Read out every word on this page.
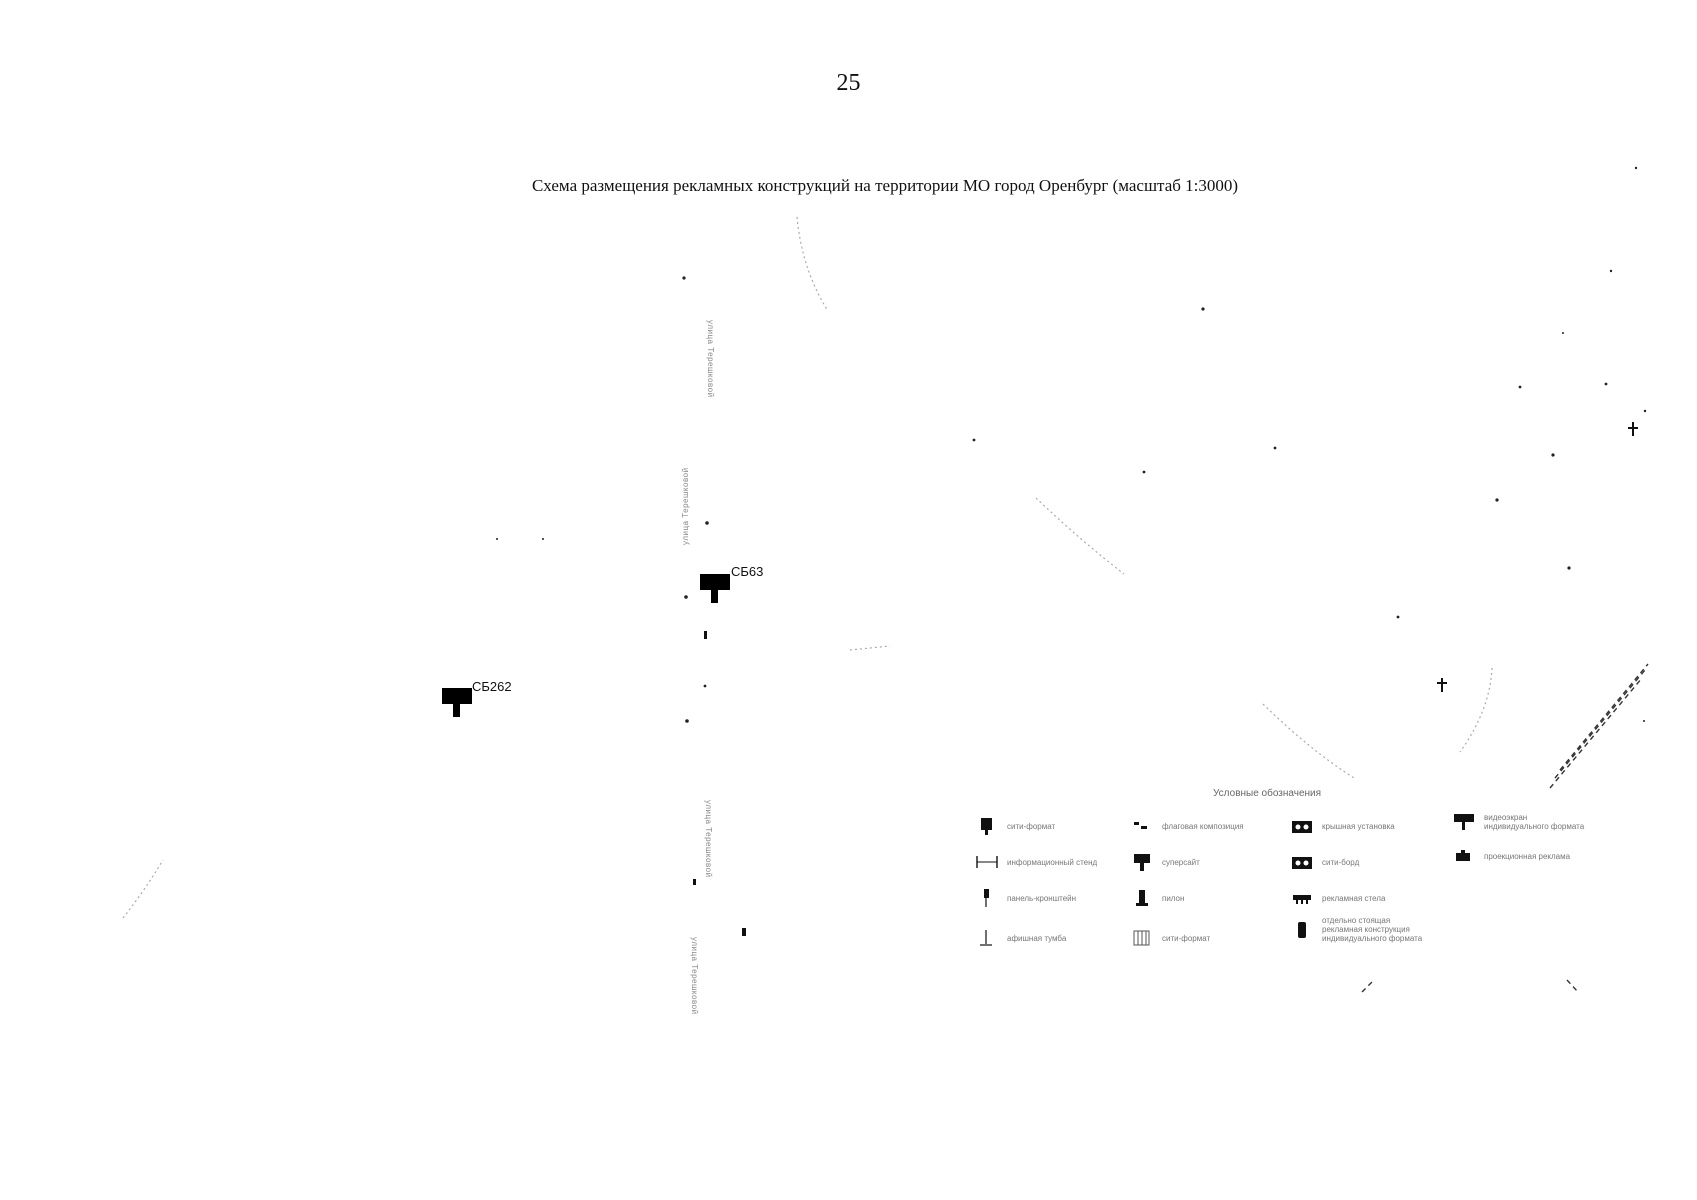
25
Схема размещения рекламных конструкций на территории МО город Оренбург (масштаб 1:3000)
улица Терешковой
улица Терешковой
улица Терешковой
улица Терешковой
СБ63
СБ262
Условные обозначения
сити-формат	флаговая композиция	крышная установка
видеоэкран
индивидуального формата
информационный стенд	суперсайт	сити-борд
проекционная реклама
панель-кронштейн	пилон	рекламная стела
афишная тумба	сити-формат
отдельно стоящая
рекламная конструкция
индивидуального формата
